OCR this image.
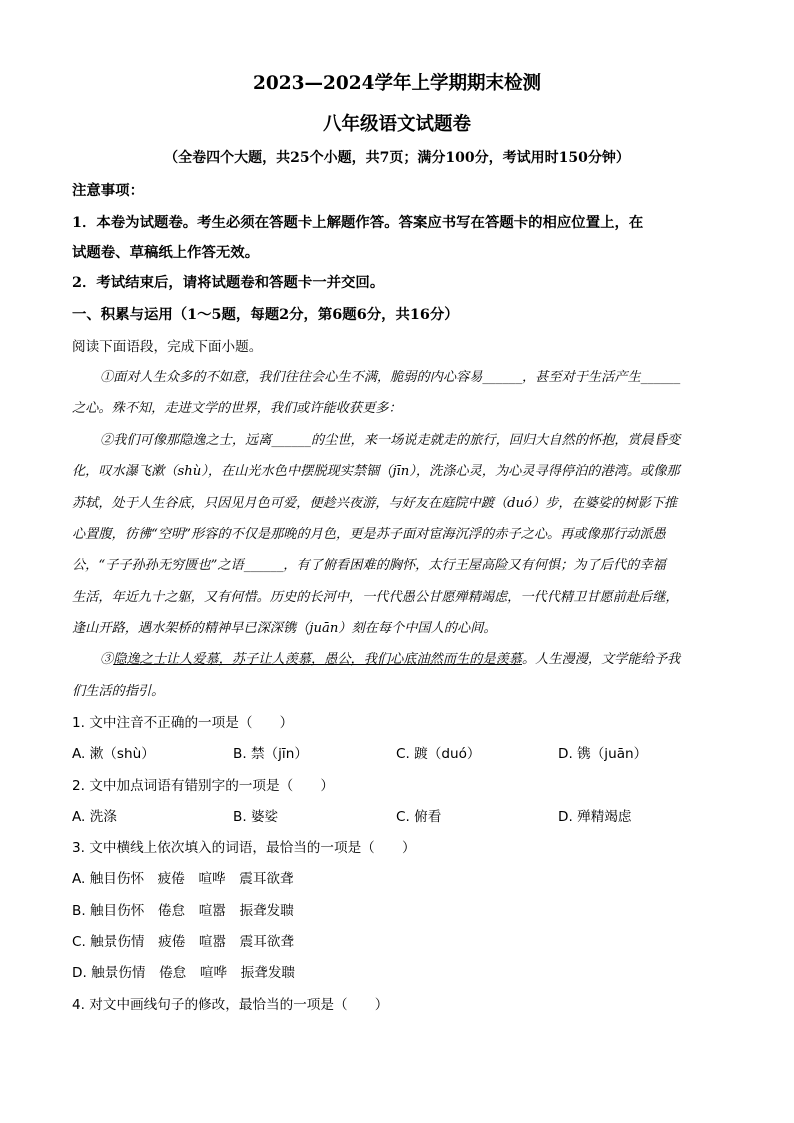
2023—2024学年上学期期末检测
八年级语文试题卷
（全卷四个大题，共25个小题，共7页；满分100分，考试用时150分钟）
注意事项：
1．本卷为试题卷。考生必须在答题卡上解题作答。答案应书写在答题卡的相应位置上，在
试题卷、草稿纸上作答无效。
2．考试结束后，请将试题卷和答题卡一并交回。
一、积累与运用（1～5题，每题2分，第6题6分，共16分）
阅读下面语段，完成下面小题。
①面对人生众多的不如意，我们往往会心生不满，脆弱的内心容易______，甚至对于生活产生______
之心。殊不知，走进文学的世界，我们或许能收获更多：
②我们可像那隐逸之士，远离______的尘世，来一场说走就走的旅行，回归大自然的怀抱，赏晨昏变
化，叹水瀑飞漱（shù），在山光水色中摆脱现实禁锢（jīn），洗涤心灵，为心灵寻得停泊的港湾。或像那
苏轼，处于人生谷底，只因见月色可爱，便趁兴夜游，与好友在庭院中踱（duó）步，在婆娑的树影下推
心置腹，彷彿“空明”形容的不仅是那晚的月色，更是苏子面对宦海沉浮的赤子之心。再或像那行动派愚
公，“子子孙孙无穷匮也”之语______，有了俯看困难的胸怀，太行王屋高险又有何惧；为了后代的幸福
生活，年近九十之躯，又有何惜。历史的长河中，一代代愚公甘愿殚精竭虑，一代代精卫甘愿前赴后继，
逢山开路，遇水架桥的精神早已深深镌（juān）刻在每个中国人的心间。
③隐逸之士让人爱慕，苏子让人羡慕，愚公，我们心底油然而生的是羡慕。人生漫漫，文学能给予我
们生活的指引。
1. 文中注音不正确的一项是（　　）
A. 漱（shù）	B. 禁（jīn）	C. 踱（duó）	D. 镌（juān）
2. 文中加点词语有错别字的一项是（　　）
A. 洗涤	B. 婆娑	C. 俯看	D. 殚精竭虑
3. 文中横线上依次填入的词语，最恰当的一项是（　　）
A. 触目伤怀　疲倦　喧哗　震耳欲聋
B. 触目伤怀　倦怠　喧嚣　振聋发聩
C. 触景伤情　疲倦　喧嚣　震耳欲聋
D. 触景伤情　倦怠　喧哗　振聋发聩
4. 对文中画线句子的修改，最恰当的一项是（　　）
